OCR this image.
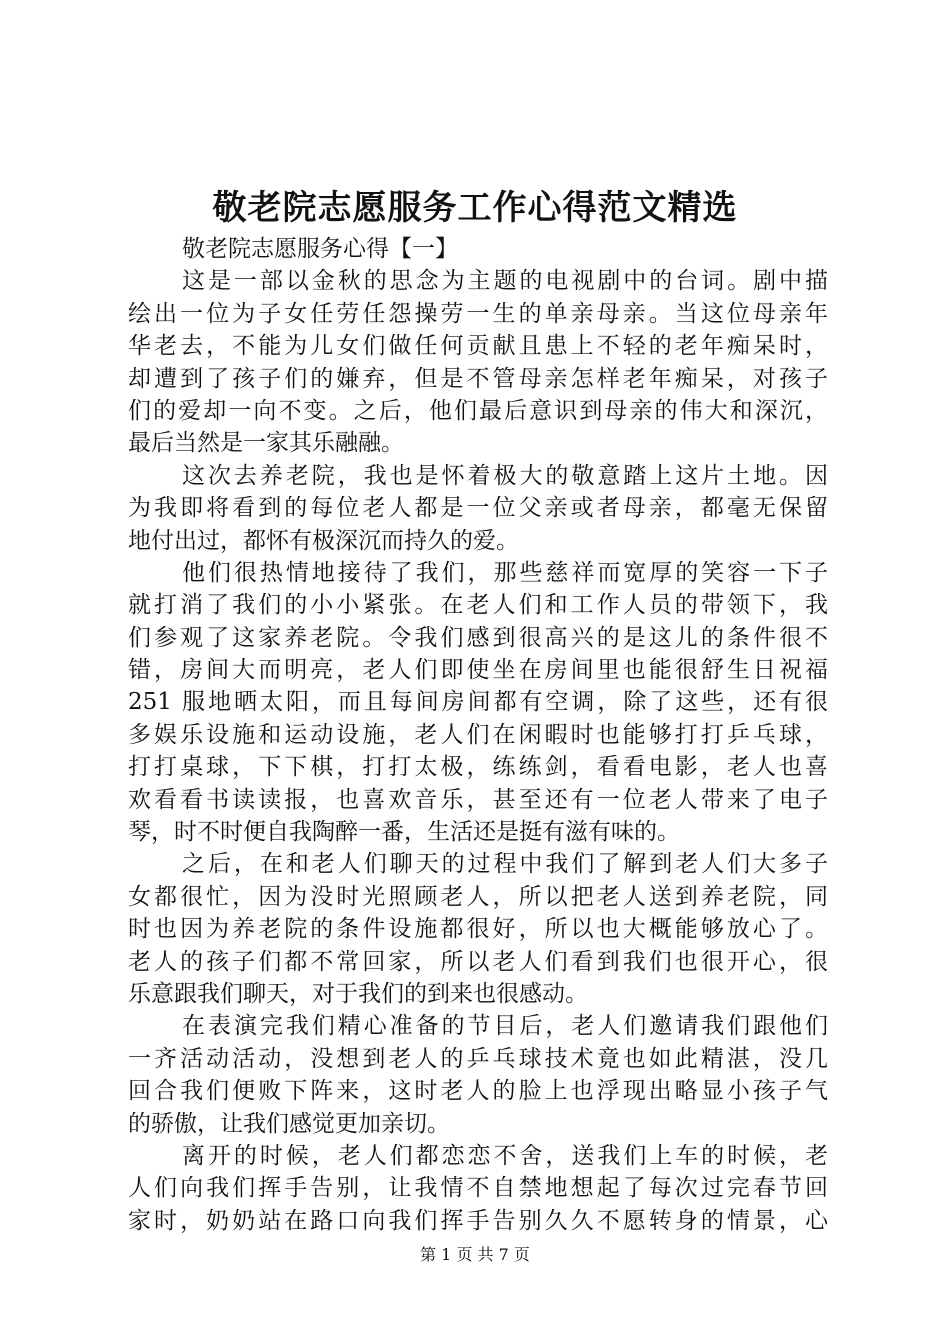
敬老院志愿服务工作心得范文精选
敬老院志愿服务心得【一】
这是一部以金秋的思念为主题的电视剧中的台词。剧中描
绘出一位为子女任劳任怨操劳一生的单亲母亲。当这位母亲年
华老去，不能为儿女们做任何贡献且患上不轻的老年痴呆时，
却遭到了孩子们的嫌弃，但是不管母亲怎样老年痴呆，对孩子
们的爱却一向不变。之后，他们最后意识到母亲的伟大和深沉，
最后当然是一家其乐融融。
这次去养老院，我也是怀着极大的敬意踏上这片土地。因
为我即将看到的每位老人都是一位父亲或者母亲，都毫无保留
地付出过，都怀有极深沉而持久的爱。
他们很热情地接待了我们，那些慈祥而宽厚的笑容一下子
就打消了我们的小小紧张。在老人们和工作人员的带领下，我
们参观了这家养老院。令我们感到很高兴的是这儿的条件很不
错，房间大而明亮，老人们即使坐在房间里也能很舒生日祝福
251 服地晒太阳，而且每间房间都有空调，除了这些，还有很
多娱乐设施和运动设施，老人们在闲暇时也能够打打乒乓球，
打打桌球，下下棋，打打太极，练练剑，看看电影，老人也喜
欢看看书读读报，也喜欢音乐，甚至还有一位老人带来了电子
琴，时不时便自我陶醉一番，生活还是挺有滋有味的。
之后，在和老人们聊天的过程中我们了解到老人们大多子
女都很忙，因为没时光照顾老人，所以把老人送到养老院，同
时也因为养老院的条件设施都很好，所以也大概能够放心了。
老人的孩子们都不常回家，所以老人们看到我们也很开心，很
乐意跟我们聊天，对于我们的到来也很感动。
在表演完我们精心准备的节目后，老人们邀请我们跟他们
一齐活动活动，没想到老人的乒乓球技术竟也如此精湛，没几
回合我们便败下阵来，这时老人的脸上也浮现出略显小孩子气
的骄傲，让我们感觉更加亲切。
离开的时候，老人们都恋恋不舍，送我们上车的时候，老
人们向我们挥手告别，让我情不自禁地想起了每次过完春节回
家时，奶奶站在路口向我们挥手告别久久不愿转身的情景，心
第 1 页 共 7 页
